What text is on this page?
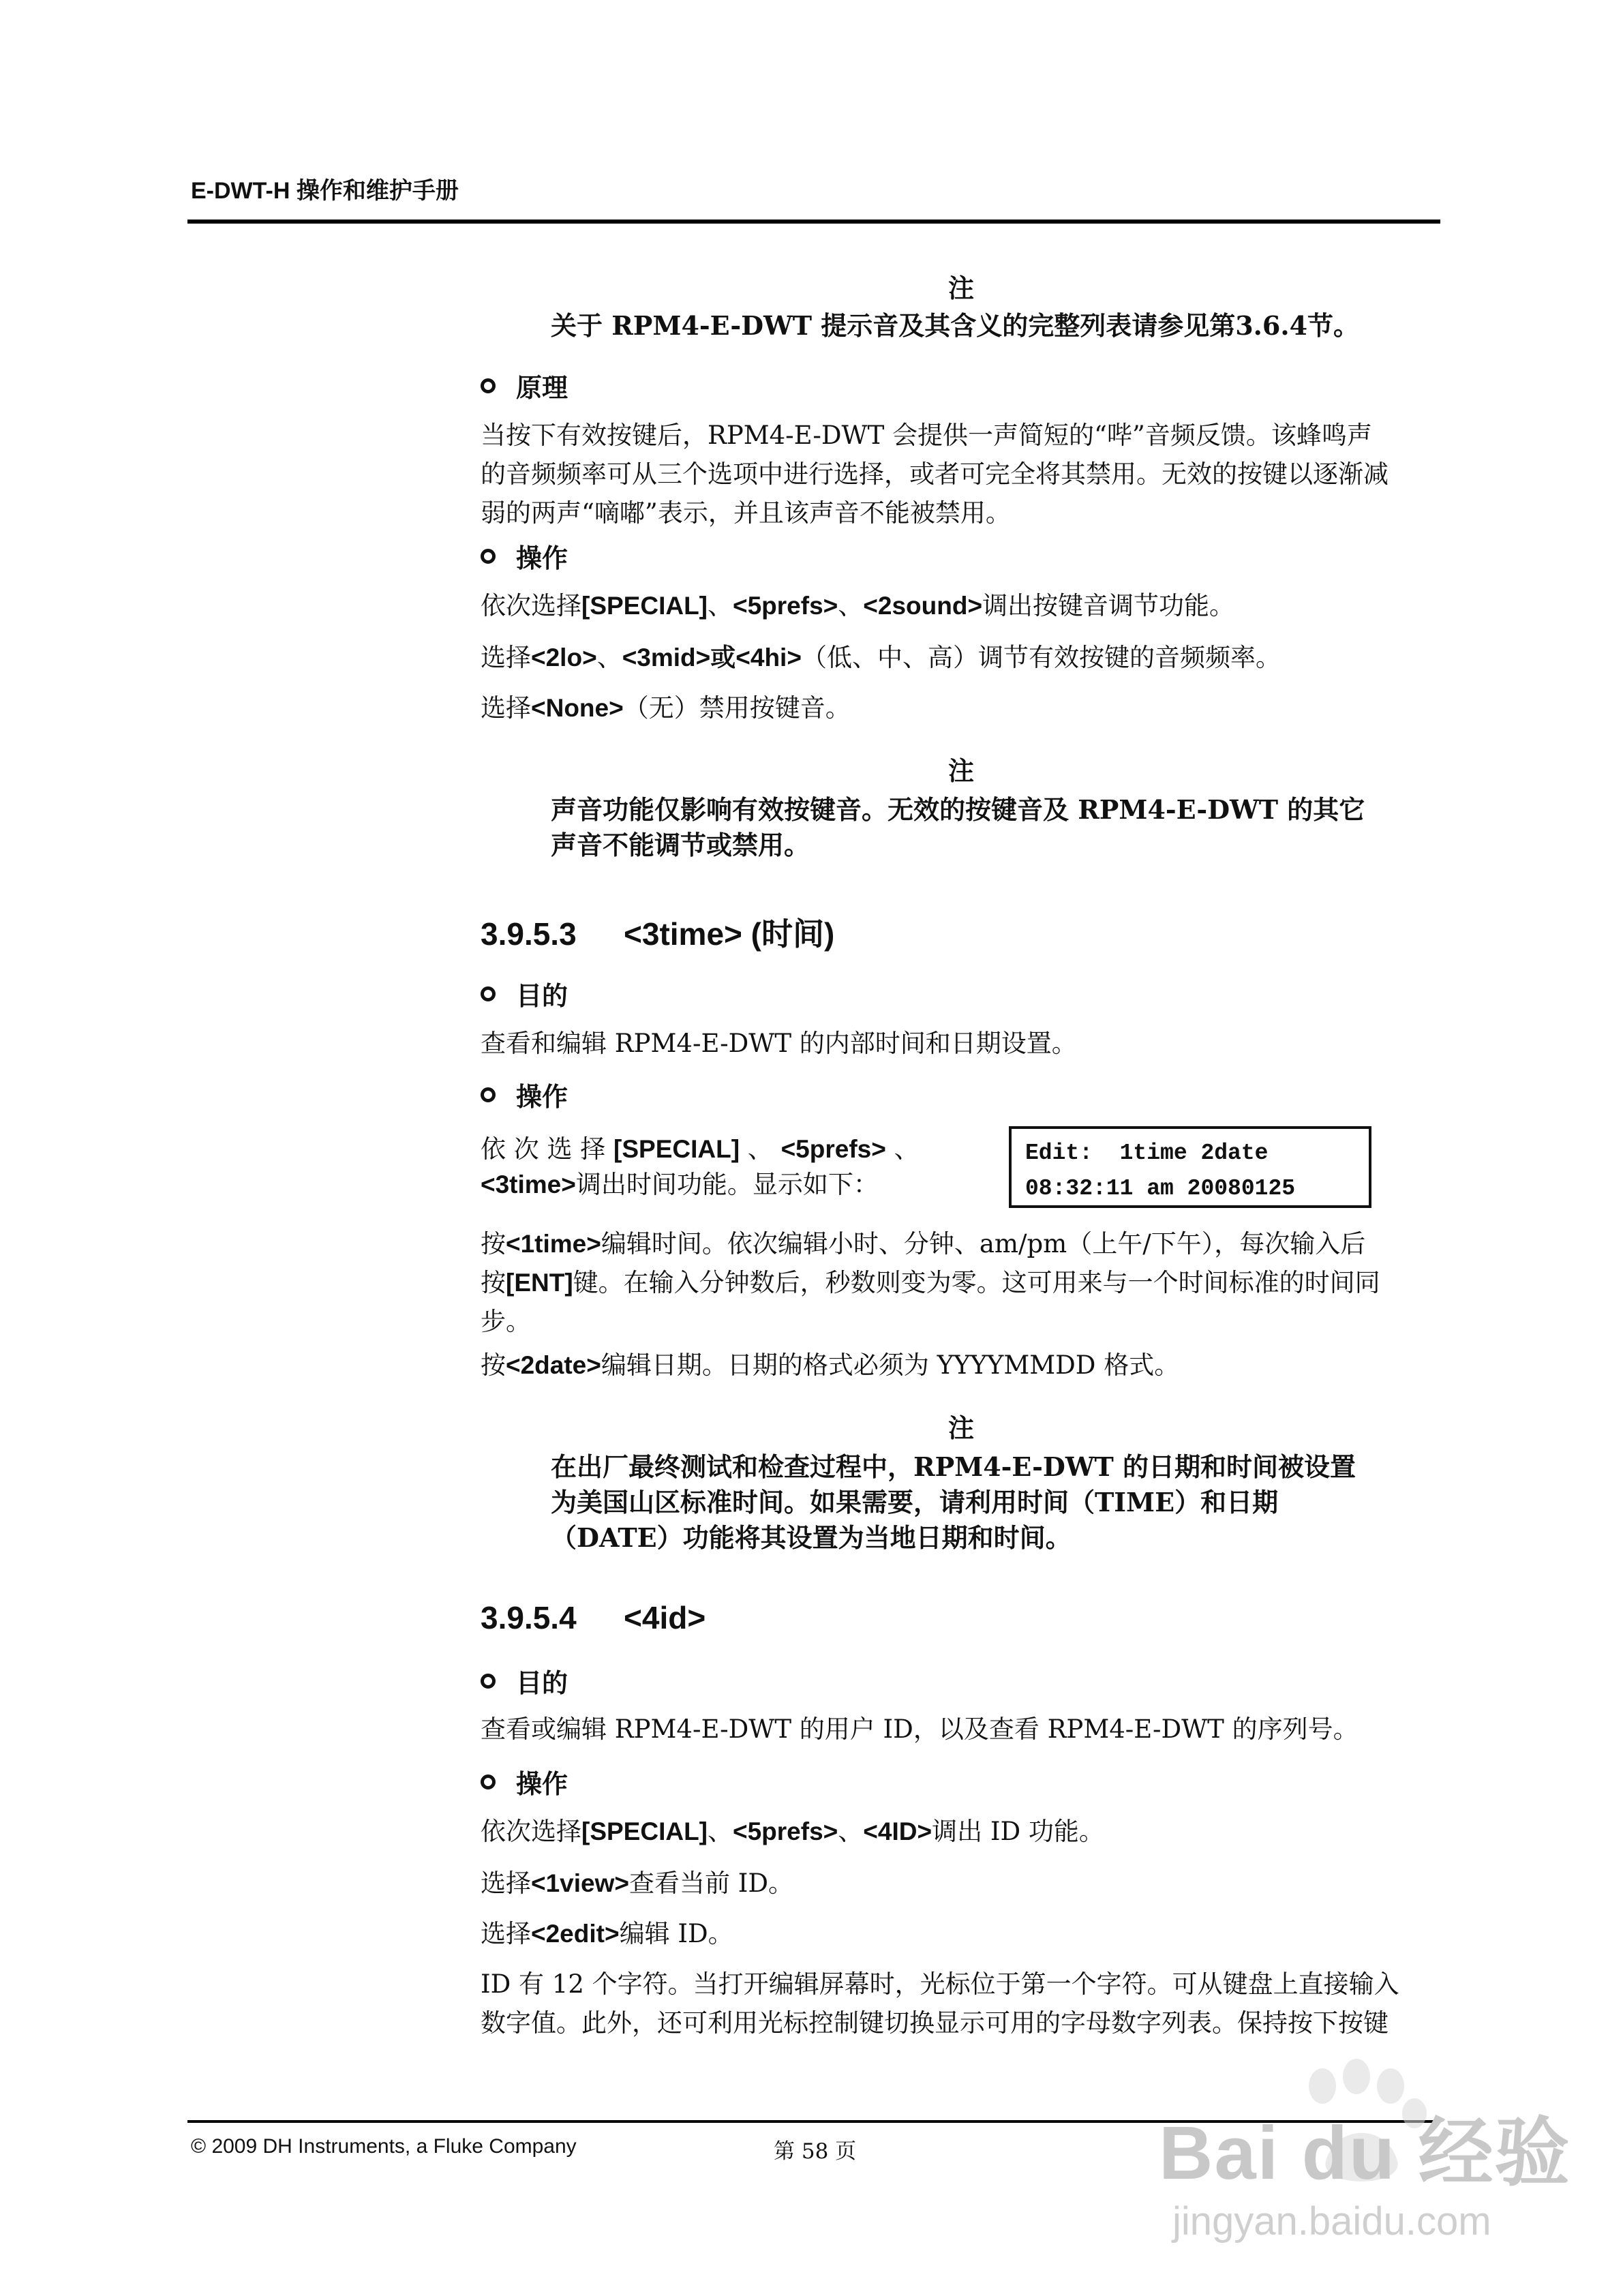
E-DWT-H 操作和维护手册
注
关于 RPM4-E-DWT 提示音及其含义的完整列表请参见第3.6.4节。
原理
当按下有效按键后，RPM4-E-DWT 会提供一声简短的“哔”音频反馈。该蜂鸣声
的音频频率可从三个选项中进行选择，或者可完全将其禁用。无效的按键以逐渐减
弱的两声“嘀嘟”表示，并且该声音不能被禁用。
操作
依次选择[SPECIAL]、<5prefs>、<2sound>调出按键音调节功能。
选择<2lo>、<3mid>或<4hi>（低、中、高）调节有效按键的音频频率。
选择<None>（无）禁用按键音。
注
声音功能仅影响有效按键音。无效的按键音及 RPM4-E-DWT 的其它
声音不能调节或禁用。
3.9.5.3 <3time> (时间)
目的
查看和编辑 RPM4-E-DWT 的内部时间和日期设置。
操作
依 次 选 择 [SPECIAL] 、 <5prefs> 、
<3time>调出时间功能。显示如下：
Edit:  1time 2date
08:32:11 am 20080125
按<1time>编辑时间。依次编辑小时、分钟、am/pm（上午/下午），每次输入后
按[ENT]键。在输入分钟数后，秒数则变为零。这可用来与一个时间标准的时间同
步。
按<2date>编辑日期。日期的格式必须为 YYYYMMDD 格式。
注
在出厂最终测试和检查过程中，RPM4-E-DWT 的日期和时间被设置
为美国山区标准时间。如果需要，请利用时间（TIME）和日期
（DATE）功能将其设置为当地日期和时间。
3.9.5.4 <4id>
目的
查看或编辑 RPM4-E-DWT 的用户 ID，以及查看 RPM4-E-DWT 的序列号。
操作
依次选择[SPECIAL]、<5prefs>、<4ID>调出 ID 功能。
选择<1view>查看当前 ID。
选择<2edit>编辑 ID。
ID 有 12 个字符。当打开编辑屏幕时，光标位于第一个字符。可从键盘上直接输入
数字值。此外，还可利用光标控制键切换显示可用的字母数字列表。保持按下按键
© 2009 DH Instruments, a Fluke Company	第 58 页	Bai du 经验
jingyan.baidu.com
